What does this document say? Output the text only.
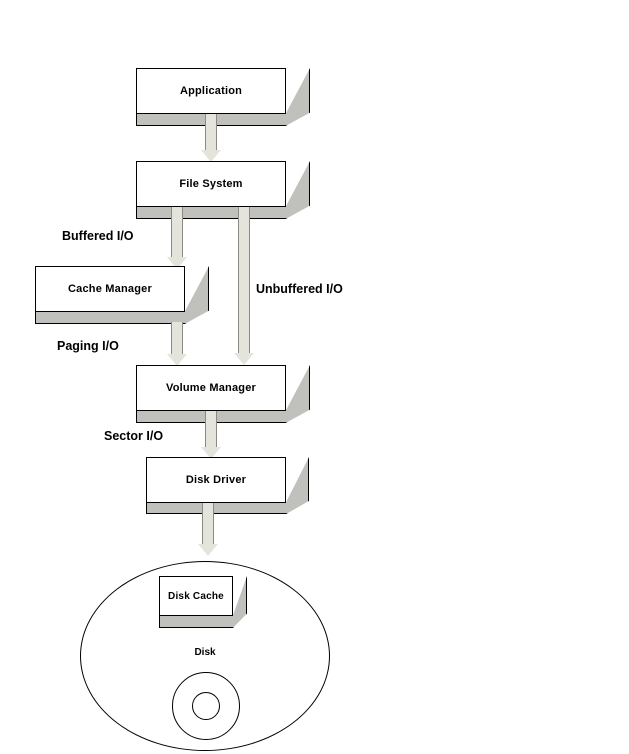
Application
File System
Buffered I/O
Unbuffered I/O
Cache Manager
Paging I/O
Volume Manager
Sector I/O
Disk Driver
Disk Cache
Disk
